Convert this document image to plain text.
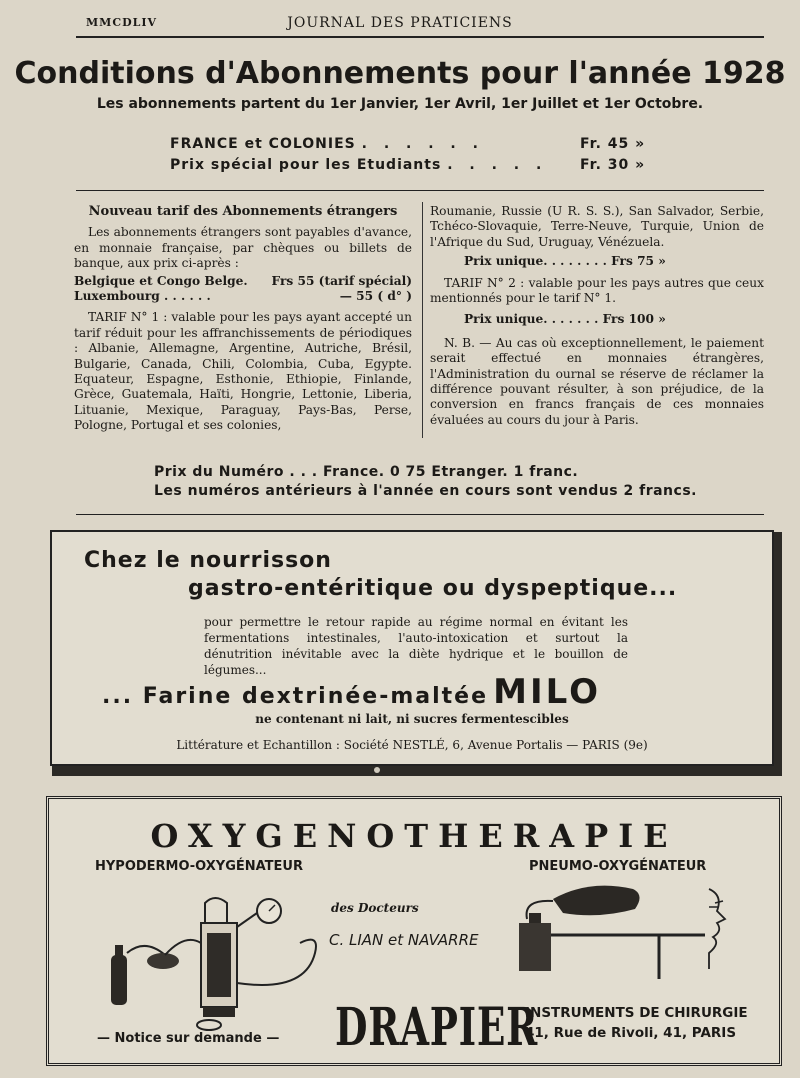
MMCDLIV	JOURNAL DES PRATICIENS
Conditions d'Abonnements pour l'année 1928
Les abonnements partent du 1er Janvier, 1er Avril, 1er Juillet et 1er Octobre.
FRANCE et COLONIES . . . . . .	Fr. 45 »
Prix spécial pour les Etudiants . . . . . Fr. 30 »

Nouveau tarif des Abonnements étrangers

Les abonnements étrangers sont payables d'avance, en monnaie française, par chèques ou billets de banque, aux prix ci-après :

Belgique et Congo Belge. Frs 55 (tarif spécial)

Luxembourg . . . . . .	— 55 ( d° )

TARIF N° 1 : valable pour les pays ayant accepté un tarif réduit pour les affranchissements de périodiques : Albanie, Allemagne, Argentine, Autriche, Brésil, Bulgarie, Canada, Chili, Colombia, Cuba, Egypte. Equateur, Espagne, Esthonie, Ethiopie, Finlande, Grèce, Guatemala, Haïti, Hongrie, Lettonie, Liberia, Lituanie, Mexique, Paraguay, Pays-Bas, Perse, Pologne, Portugal et ses colonies,

Roumanie, Russie (U R. S. S.), San Salvador, Serbie, Tchéco-Slovaquie, Terre-Neuve, Turquie, Union de l'Afrique du Sud, Uruguay, Vénézuela.

Prix unique. . . . . . . . Frs 75 »

TARIF N° 2 : valable pour les pays autres que ceux mentionnés pour le tarif N° 1.

Prix unique. . . . . . . Frs 100 »

N. B. — Au cas où exceptionnellement, le paiement serait effectué en monnaies étrangères, l'Administration du ournal se réserve de réclamer la différence pouvant résulter, à son préjudice, de la conversion en francs français de ces monnaies évaluées au cours du jour à Paris.

Prix du Numéro . . . France. 0 75 Etranger. 1 franc.
Les numéros antérieurs à l'année en cours sont vendus 2 francs.
Chez le nourrisson
gastro-entéritique ou dyspeptique...
pour permettre le retour rapide au régime normal en évitant les fermentations intestinales, l'auto-intoxication et surtout la dénutrition inévitable avec la diète hydrique et le bouillon de légumes...
... Farine dextrinée-maltée MILO
ne contenant ni lait, ni sucres fermentescibles
Littérature et Echantillon : Société NESTLÉ, 6, Avenue Portalis — PARIS (9e)
OXYGENOTHERAPIE
HYPODERMO-OXYGÉNATEUR	PNEUMO-OXYGÉNATEUR
des Docteurs
C. LIAN et NAVARRE
— Notice sur demande — DRAPIER
INSTRUMENTS DE CHIRURGIE
41, Rue de Rivoli, 41, PARIS
